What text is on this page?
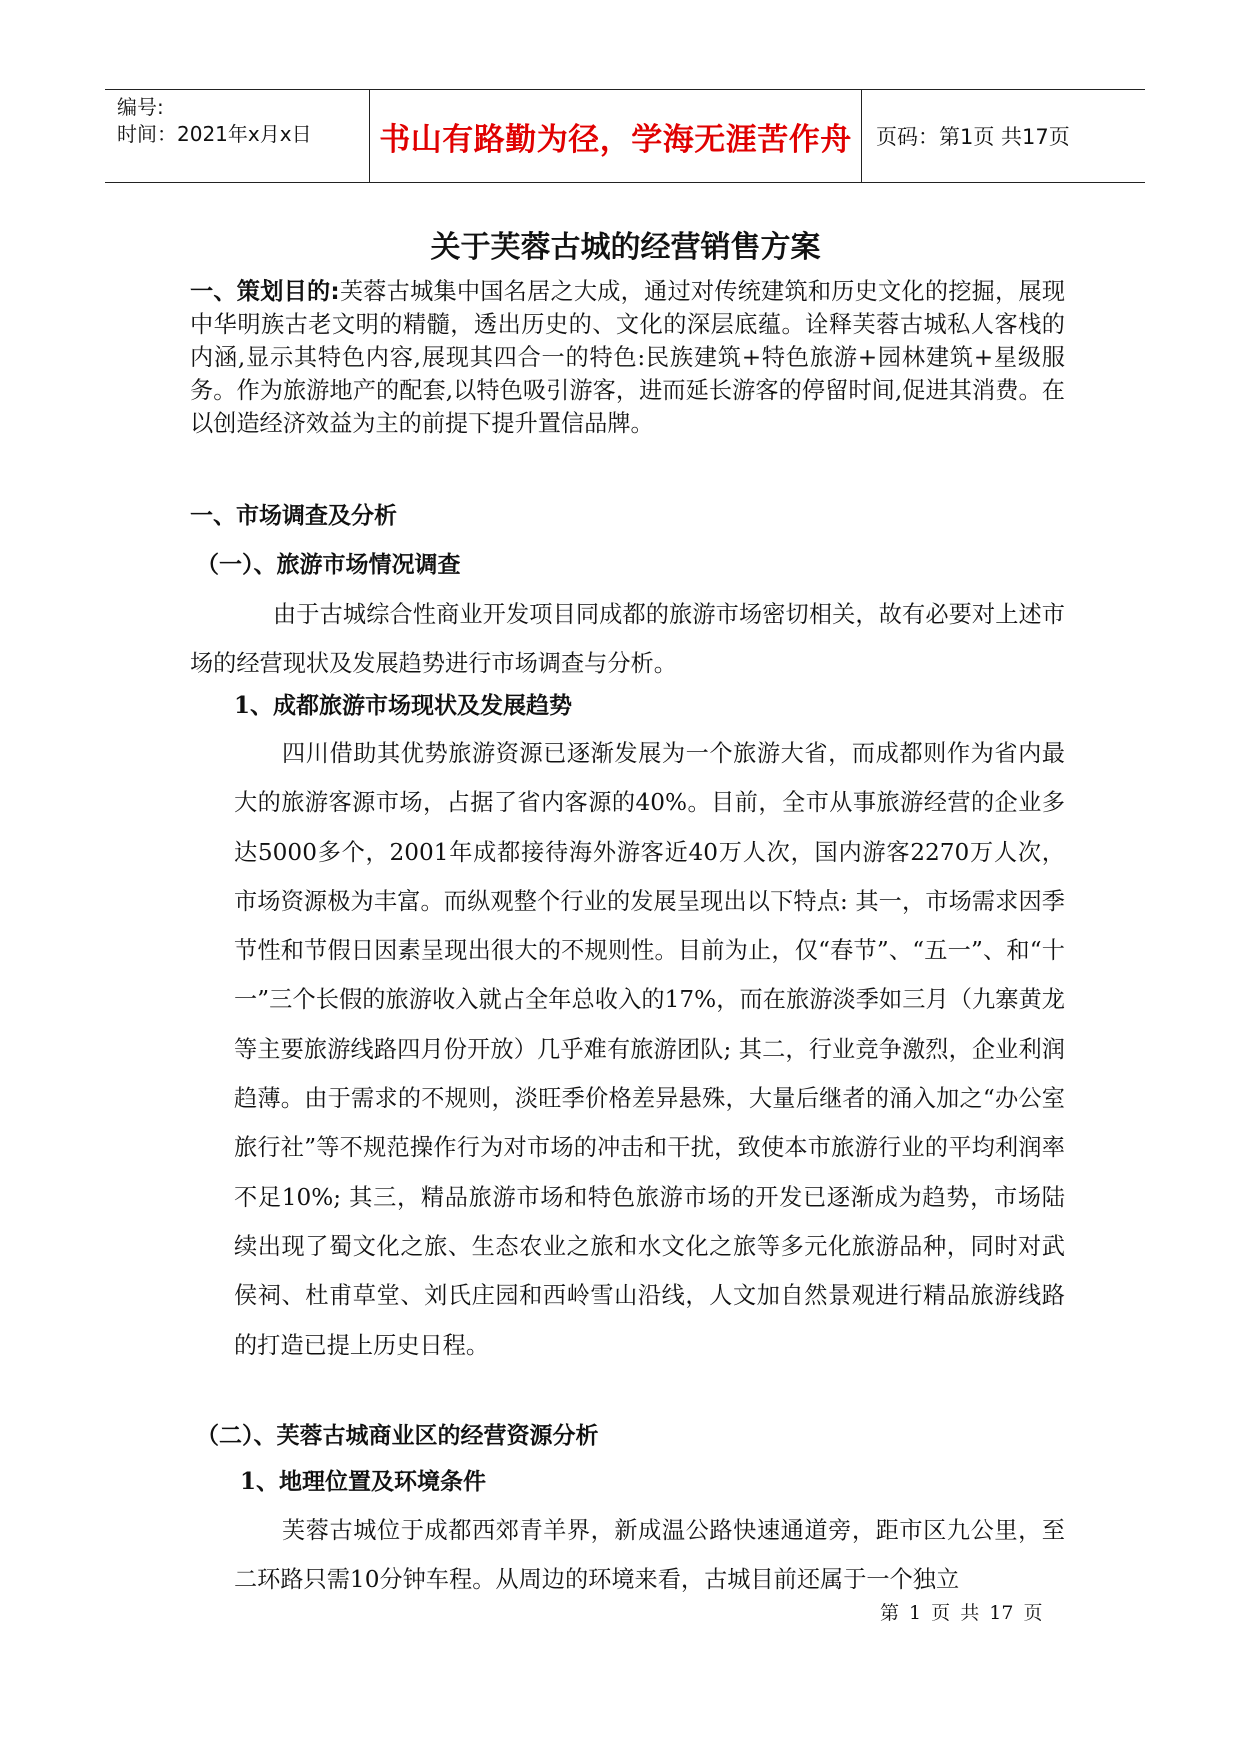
编号:
时间：2021年x月x日	书山有路勤为径，学海无涯苦作舟	页码：第1页 共17页
关于芙蓉古城的经营销售方案

一、策划目的:芙蓉古城集中国名居之大成，通过对传统建筑和历史文化的挖掘，展现中华明族古老文明的精髓，透出历史的、文化的深层底蕴。诠释芙蓉古城私人客栈的内涵,显示其特色内容,展现其四合一的特色:民族建筑+特色旅游+园林建筑+星级服务。作为旅游地产的配套,以特色吸引游客，进而延长游客的停留时间,促进其消费。在以创造经济效益为主的前提下提升置信品牌。

一、市场调查及分析
（一）、旅游市场情况调查

由于古城综合性商业开发项目同成都的旅游市场密切相关，故有必要对上述市场的经营现状及发展趋势进行市场调查与分析。

1、成都旅游市场现状及发展趋势

四川借助其优势旅游资源已逐渐发展为一个旅游大省，而成都则作为省内最大的旅游客源市场，占据了省内客源的40%。目前，全市从事旅游经营的企业多达5000多个，2001年成都接待海外游客近40万人次，国内游客2270万人次，市场资源极为丰富。而纵观整个行业的发展呈现出以下特点: 其一，市场需求因季节性和节假日因素呈现出很大的不规则性。目前为止，仅“春节”、“五一”、和“十一”三个长假的旅游收入就占全年总收入的17%，而在旅游淡季如三月（九寨黄龙等主要旅游线路四月份开放）几乎难有旅游团队; 其二，行业竞争激烈，企业利润趋薄。由于需求的不规则，淡旺季价格差异悬殊，大量后继者的涌入加之“办公室旅行社”等不规范操作行为对市场的冲击和干扰，致使本市旅游行业的平均利润率不足10%; 其三，精品旅游市场和特色旅游市场的开发已逐渐成为趋势，市场陆续出现了蜀文化之旅、生态农业之旅和水文化之旅等多元化旅游品种，同时对武侯祠、杜甫草堂、刘氏庄园和西岭雪山沿线，人文加自然景观进行精品旅游线路的打造已提上历史日程。

（二）、芙蓉古城商业区的经营资源分析
1、地理位置及环境条件

芙蓉古城位于成都西郊青羊界，新成温公路快速通道旁，距市区九公里，至二环路只需10分钟车程。从周边的环境来看，古城目前还属于一个独立

第 1 页 共 17 页
